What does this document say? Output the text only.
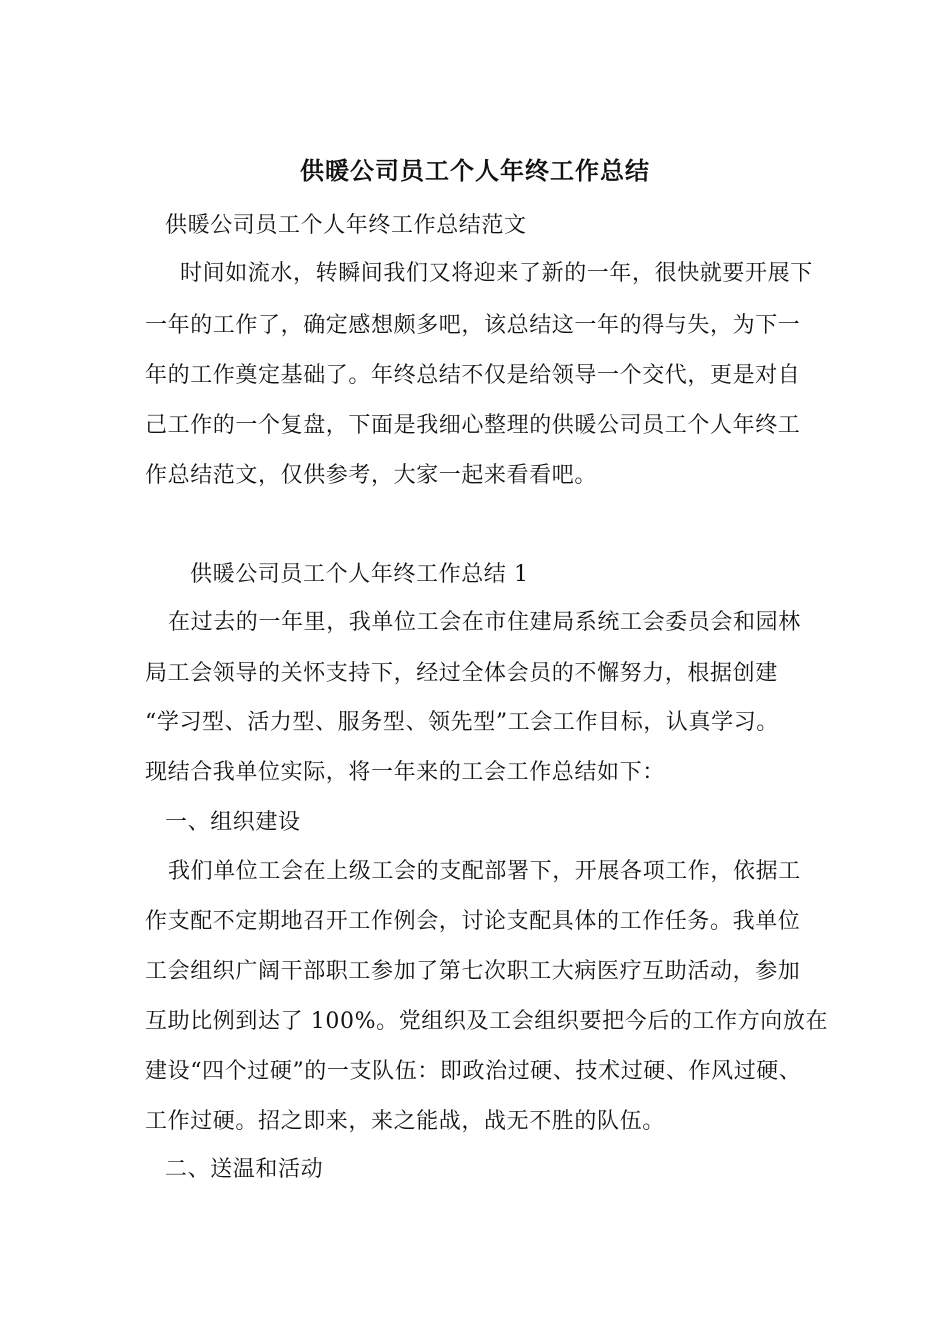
供暖公司员工个人年终工作总结
供暖公司员工个人年终工作总结范文
时间如流水，转瞬间我们又将迎来了新的一年，很快就要开展下
一年的工作了，确定感想颇多吧，该总结这一年的得与失，为下一
年的工作奠定基础了。年终总结不仅是给领导一个交代，更是对自
己工作的一个复盘，下面是我细心整理的供暖公司员工个人年终工
作总结范文，仅供参考，大家一起来看看吧。
供暖公司员工个人年终工作总结 1
在过去的一年里，我单位工会在市住建局系统工会委员会和园林
局工会领导的关怀支持下，经过全体会员的不懈努力，根据创建
“学习型、活力型、服务型、领先型”工会工作目标，认真学习。
现结合我单位实际，将一年来的工会工作总结如下：
一、组织建设
我们单位工会在上级工会的支配部署下，开展各项工作，依据工
作支配不定期地召开工作例会，讨论支配具体的工作任务。我单位
工会组织广阔干部职工参加了第七次职工大病医疗互助活动，参加
互助比例到达了 100%。党组织及工会组织要把今后的工作方向放在
建设“四个过硬”的一支队伍：即政治过硬、技术过硬、作风过硬、
工作过硬。招之即来，来之能战，战无不胜的队伍。
二、送温和活动
